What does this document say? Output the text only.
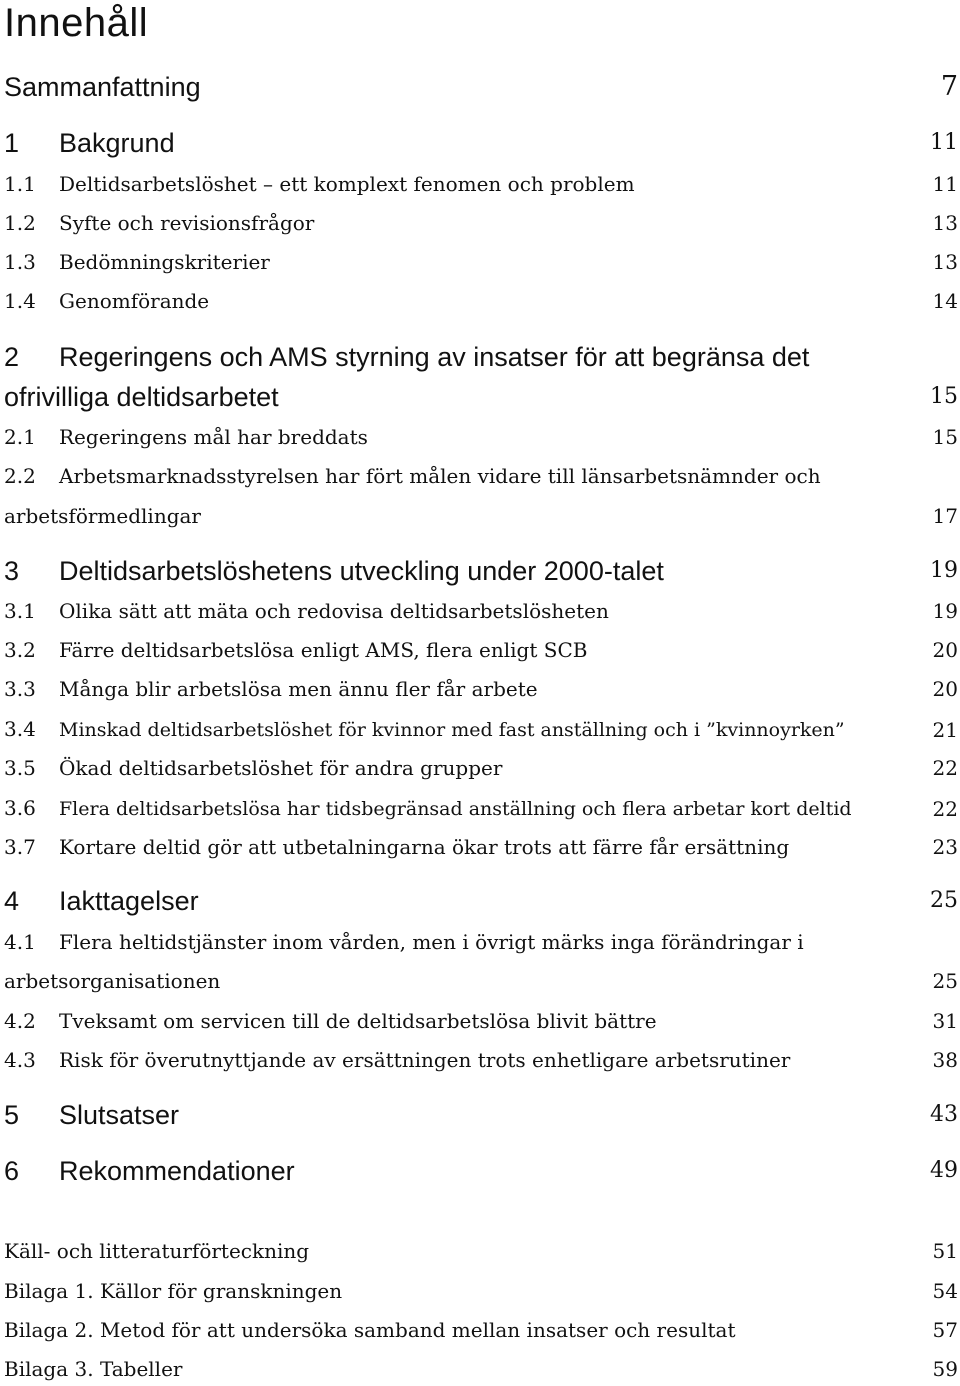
Innehåll
Sammanfattning	7
1 Bakgrund	11
1.1 Deltidsarbetslöshet – ett komplext fenomen och problem	11
1.2 Syfte och revisionsfrågor	13
1.3 Bedömningskriterier	13
1.4 Genomförande	14
2 Regeringens och AMS styrning av insatser för att begränsa det
ofrivilliga deltidsarbetet	15
2.1 Regeringens mål har breddats	15
2.2 Arbetsmarknadsstyrelsen har fört målen vidare till länsarbetsnämnder och
arbetsförmedlingar	17
3 Deltidsarbetslöshetens utveckling under 2000-talet	19
3.1 Olika sätt att mäta och redovisa deltidsarbetslösheten	19
3.2 Färre deltidsarbetslösa enligt AMS, flera enligt SCB	20
3.3 Många blir arbetslösa men ännu fler får arbete	20
3.4 Minskad deltidsarbetslöshet för kvinnor med fast anställning och i ”kvinnoyrken”	21
3.5 Ökad deltidsarbetslöshet för andra grupper	22
3.6 Flera deltidsarbetslösa har tidsbegränsad anställning och flera arbetar kort deltid	22
3.7 Kortare deltid gör att utbetalningarna ökar trots att färre får ersättning	23
4 Iakttagelser	25
4.1 Flera heltidstjänster inom vården, men i övrigt märks inga förändringar i
arbetsorganisationen	25
4.2 Tveksamt om servicen till de deltidsarbetslösa blivit bättre	31
4.3 Risk för överutnyttjande av ersättningen trots enhetligare arbetsrutiner	38
5 Slutsatser	43
6 Rekommendationer	49
Käll- och litteraturförteckning	51
Bilaga 1. Källor för granskningen	54
Bilaga 2. Metod för att undersöka samband mellan insatser och resultat	57
Bilaga 3. Tabeller	59
